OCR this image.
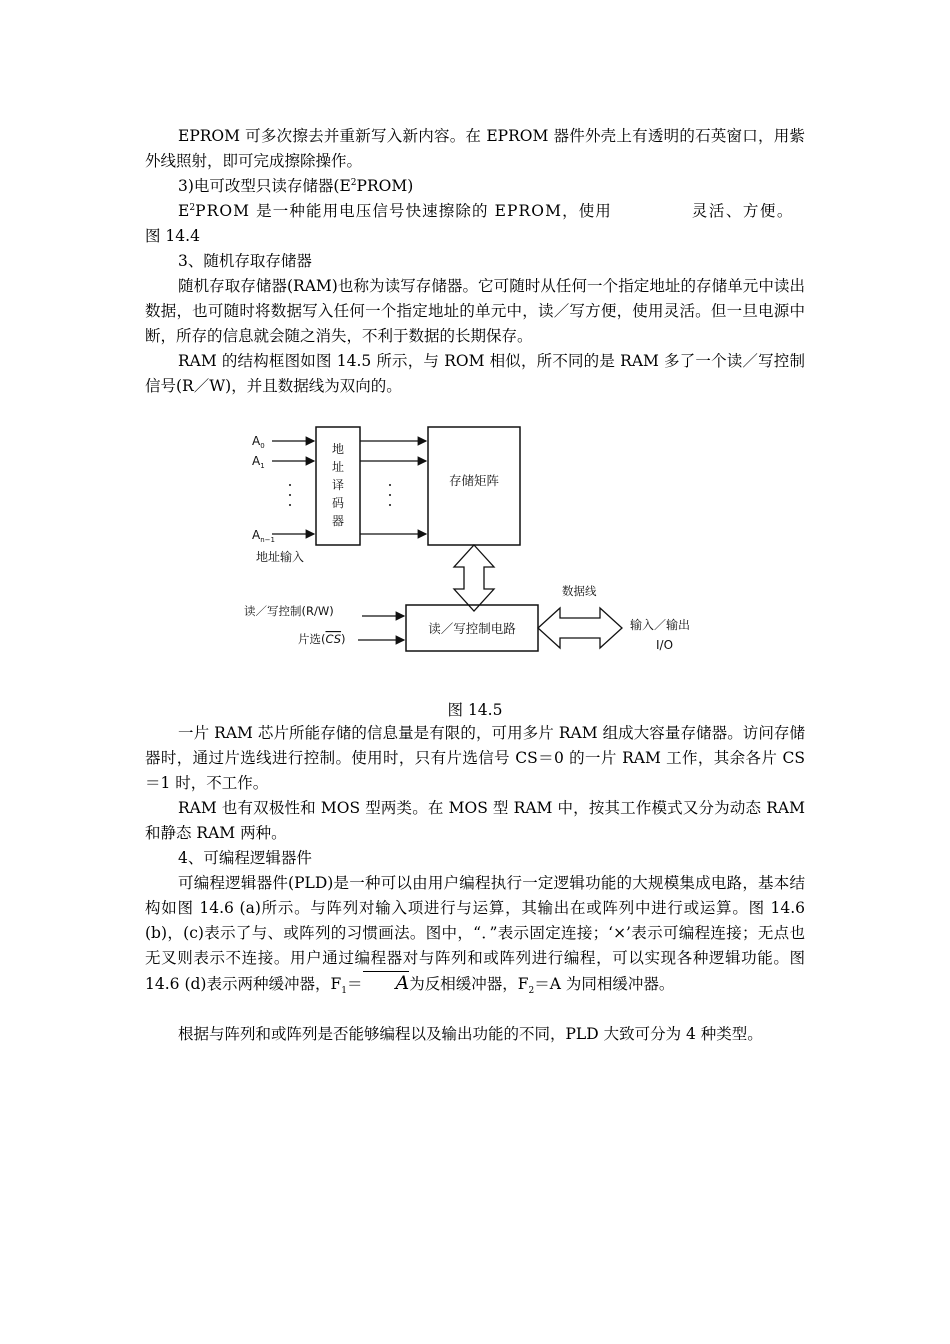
EPROM 可多次擦去并重新写入新内容。在 EPROM 器件外壳上有透明的石英窗口，用紫外线照射，即可完成擦除操作。

3)电可改型只读存储器$(E^2PROM)$
$E^2PROM$ 是一种能用电压信号快速擦除的 EPROM，使用	灵活、方便。
图 14.4
3、随机存取存储器

随机存取存储器(RAM)也称为读写存储器。它可随时从任何一个指定地址的存储单元中读出数据，也可随时将数据写入任何一个指定地址的单元中，读／写方便，使用灵活。但一旦电源中断，所存的信息就会随之消失，不利于数据的长期保存。

RAM 的结构框图如图 14.5 所示，与 ROM 相似，所不同的是 RAM 多了一个读／写控制信号(R／W)，并且数据线为双向的。

$A_0$
$A_1$
$A_{n-1}$
地址输入
地
址
译
码
器
存储矩阵
读／写控制电路
读／写控制(R/W)
片选(CS)
数据线
输入／输出
I/O
图 14.5

一片 RAM 芯片所能存储的信息量是有限的，可用多片 RAM 组成大容量存储器。访问存储器时，通过片选线进行控制。使用时，只有片选信号 CS＝0 的一片 RAM 工作，其余各片 CS＝1 时，不工作。

RAM 也有双极性和 MOS 型两类。在 MOS 型 RAM 中，按其工作模式又分为动态 RAM 和静态 RAM 两种。

4、可编程逻辑器件

可编程逻辑器件(PLD)是一种可以由用户编程执行一定逻辑功能的大规模集成电路，基本结构如图 14.6 (a)所示。与阵列对输入项进行与运算，其输出在或阵列中进行或运算。图 14.6 (b)，(c)表示了与、或阵列的习惯画法。图中，“．”表示固定连接；‘×’表示可编程连接；无点也无叉则表示不连接。用户通过编程器对与阵列和或阵列进行编程，可以实现各种逻辑功能。图 14.6 (d)表示两种缓冲器，$F_1= A$为反相缓冲器，$F_2=A$ 为同相缓冲器。

根据与阵列和或阵列是否能够编程以及输出功能的不同，PLD 大致可分为 4 种类型。
